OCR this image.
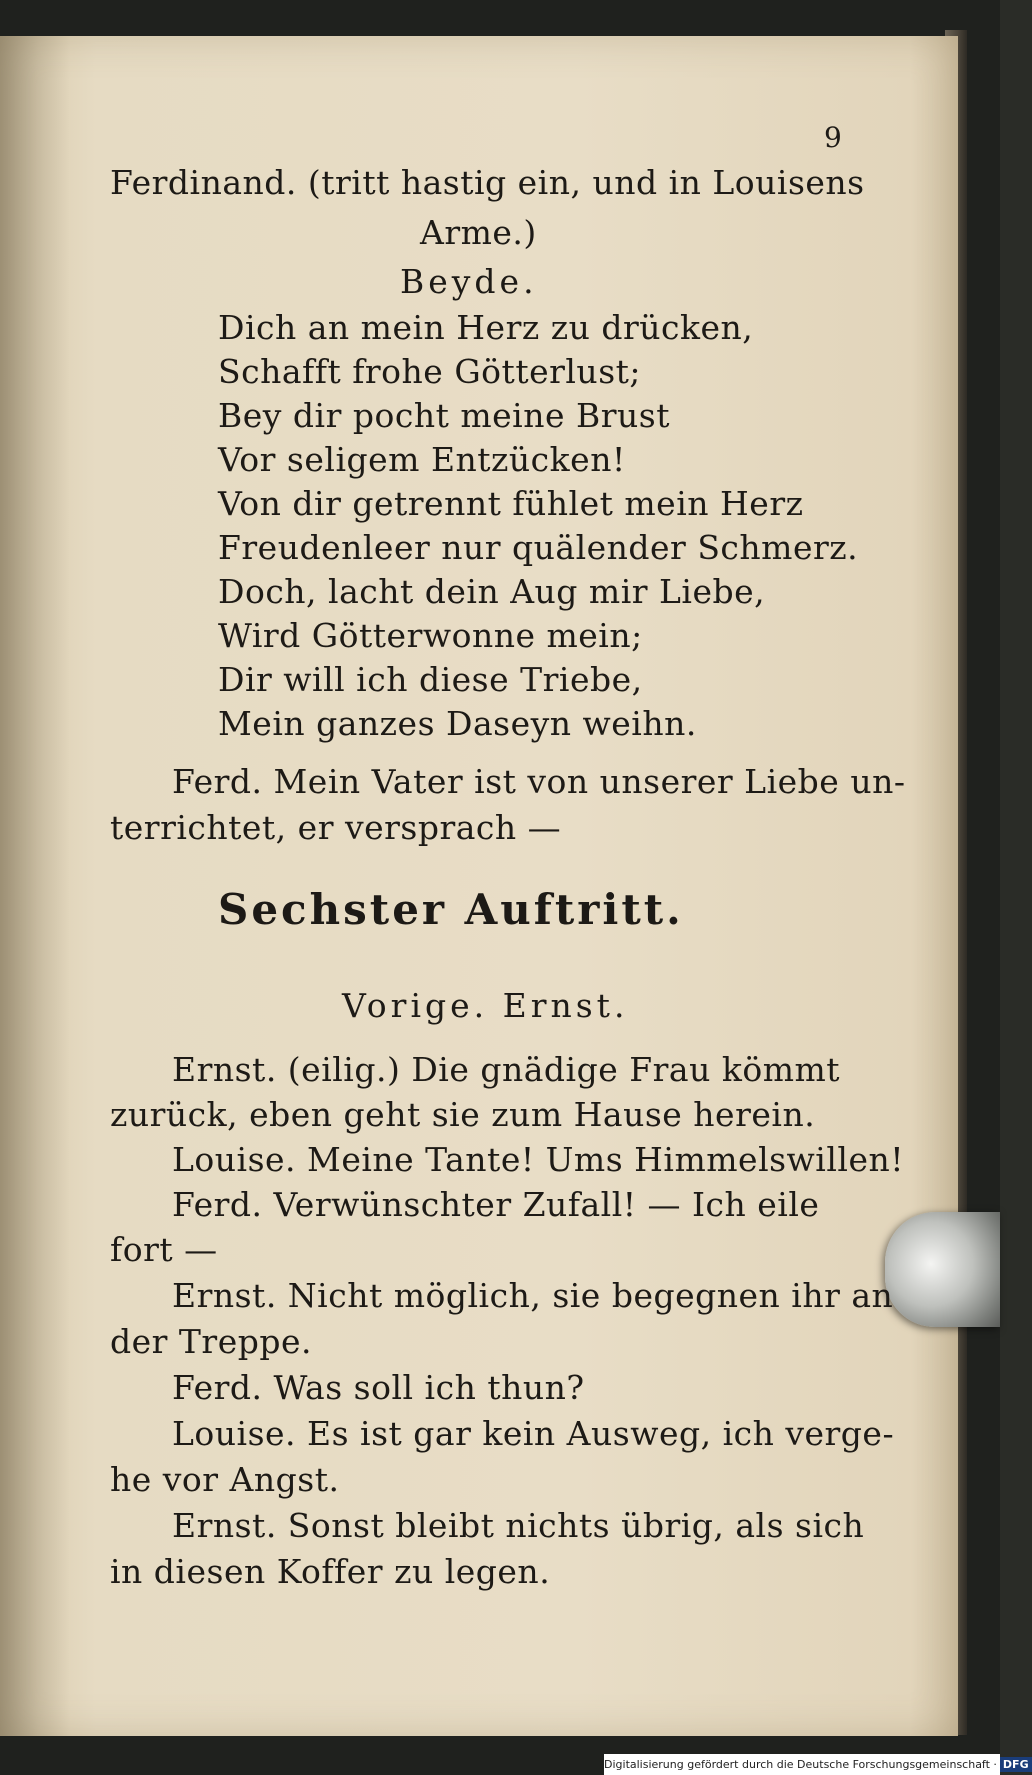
9
Ferdinand. (tritt hastig ein, und in Louisens
Arme.)
Beyde.
Dich an mein Herz zu drücken,
Schafft frohe Götterlust;
Bey dir pocht meine Brust
Vor seligem Entzücken!
Von dir getrennt fühlet mein Herz
Freudenleer nur quälender Schmerz.
Doch, lacht dein Aug mir Liebe,
Wird Götterwonne mein;
Dir will ich diese Triebe,
Mein ganzes Daseyn weihn.
Ferd. Mein Vater ist von unserer Liebe un-
terrichtet, er versprach —
Sechster Auftritt.
Vorige. Ernst.
Ernst. (eilig.) Die gnädige Frau kömmt
zurück, eben geht sie zum Hause herein.
Louise. Meine Tante! Ums Himmelswillen!
Ferd. Verwünschter Zufall! — Ich eile
fort —
Ernst. Nicht möglich, sie begegnen ihr an
der Treppe.
Ferd. Was soll ich thun?
Louise. Es ist gar kein Ausweg, ich verge-
he vor Angst.
Ernst. Sonst bleibt nichts übrig, als sich
in diesen Koffer zu legen.
Digitalisierung gefördert durch die Deutsche Forschungsgemeinschaft · DFG
